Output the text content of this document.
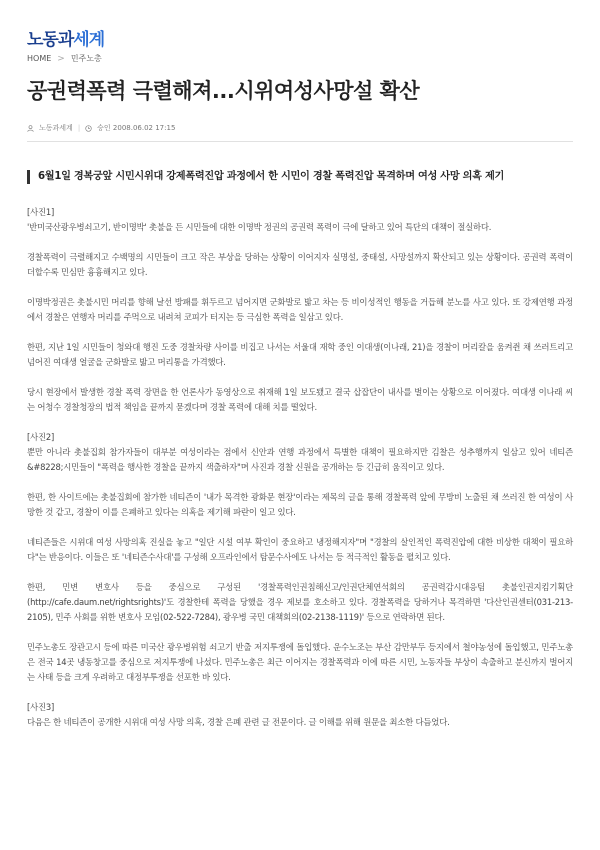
노동과세계
HOME > 민주노총
공권력폭력 극렬해져...시위여성사망설 확산
노동과세계 | 승인 2008.06.02 17:15
6월1일 경복궁앞 시민시위대 강제폭력진압 과정에서 한 시민이 경찰 폭력진압 목격하며 여성 사망 의혹 제기

[사진1]

'반미국산광우병쇠고기, 반이명박' 촛불을 든 시민들에 대한 이명박 정권의 공권력 폭력이 극에 달하고 있어 특단의 대책이 절실하다.

경찰폭력이 극렬해지고 수백명의 시민들이 크고 작은 부상을 당하는 상황이 이어지자 실명설, 중태설, 사망설까지 확산되고 있는 상황이다. 공권력 폭력이 더할수록 민심만 흉흉해지고 있다.

이명박정권은 촛불시민 머리를 향해 날선 방패를 휘두르고 넘어지면 군화발로 밟고 차는 등 비이성적인 행동을 거듭해 분노를 사고 있다. 또 강제연행 과정에서 경찰은 연행자 머리를 주먹으로 내려쳐 코피가 터지는 등 극심한 폭력을 일삼고 있다.

한편, 지난 1일 시민들이 청와대 행진 도중 경찰차량 사이를 비집고 나서는 서울대 재학 중인 이대생(이나래, 21)을 경찰이 머리칼을 움켜쥔 채 쓰러트리고 넘어진 여대생 얼굴을 군화발로 밟고 머리통을 가격했다.

당시 현장에서 발생한 경찰 폭력 장면을 한 언론사가 동영상으로 취재해 1일 보도됐고 결국 삽잡단이 내사를 벌이는 상황으로 이어졌다. 여대생 이나래 씨는 어청수 경찰청장의 법적 책임을 끝까지 묻겠다며 경찰 폭력에 대해 치를 떨었다.

[사진2]

뿐만 아니라 촛불집회 참가자들이 대부분 여성이라는 점에서 신안과 연행 과정에서 특별한 대책이 필요하지만 김찰은 성추행까지 일삼고 있어 네티즌&#8228;시민들이 "폭력을 행사한 경찰을 끝까지 색출하자"며 사진과 경찰 신원을 공개하는 등 긴급히 움직이고 있다.

한편, 한 사이트에는 촛불집회에 참가한 네티즌이 '내가 목격한 광화문 현장'이라는 제목의 글을 통해 경찰폭력 앞에 무방비 노출된 채 쓰러진 한 여성이 사망한 것 같고, 경찰이 이를 은폐하고 있다는 의혹을 제기해 파란이 일고 있다.

네티즌들은 시위대 여성 사망의혹 진실을 놓고 "일단 시설 여부 확인이 중요하고 냉정해지자"며 "경찰의 살인적인 폭력진압에 대한 비상한 대책이 필요하다"는 반응이다. 이들은 또 '네티즌수사대'를 구성해 오프라인에서 탐문수사에도 나서는 등 적극적인 활동을 펼치고 있다.

한편, 민변 변호사 등을 중심으로 구성된 '경찰폭력인권침해신고/인권단체연석회의 공권력감시대응팀 촛불인권지킴기획단(http://cafe.daum.net/rightsrights)'도 경찰한테 폭력을 당했을 경우 제보를 호소하고 있다. 경찰폭력을 당하거나 목격하면 '다산인권센터(031-213-2105), 민주 사회를 위한 변호사 모임(02-522-7284), 광우병 국민 대책회의(02-2138-1119)' 등으로 연락하면 된다.

민주노총도 장관고시 등에 따른 미국산 광우병위험 쇠고기 반출 저지투쟁에 돌입했다. 운수노조는 부산 감만부두 등지에서 철야농성에 돌입했고, 민주노총은 전국 14곳 냉동창고를 중심으로 저지투쟁에 나섰다. 민주노총은 최근 이어지는 경찰폭력과 이에 따른 시민, 노동자들 부상이 속출하고 분신까지 벌어지는 사태 등을 크게 우려하고 대정부투쟁을 선포한 바 있다.

[사진3]

다음은 한 네티즌이 공개한 시위대 여성 사망 의혹, 경찰 은폐 관련 글 전문이다. 글 이해를 위해 원문을 최소한 다듬었다.
